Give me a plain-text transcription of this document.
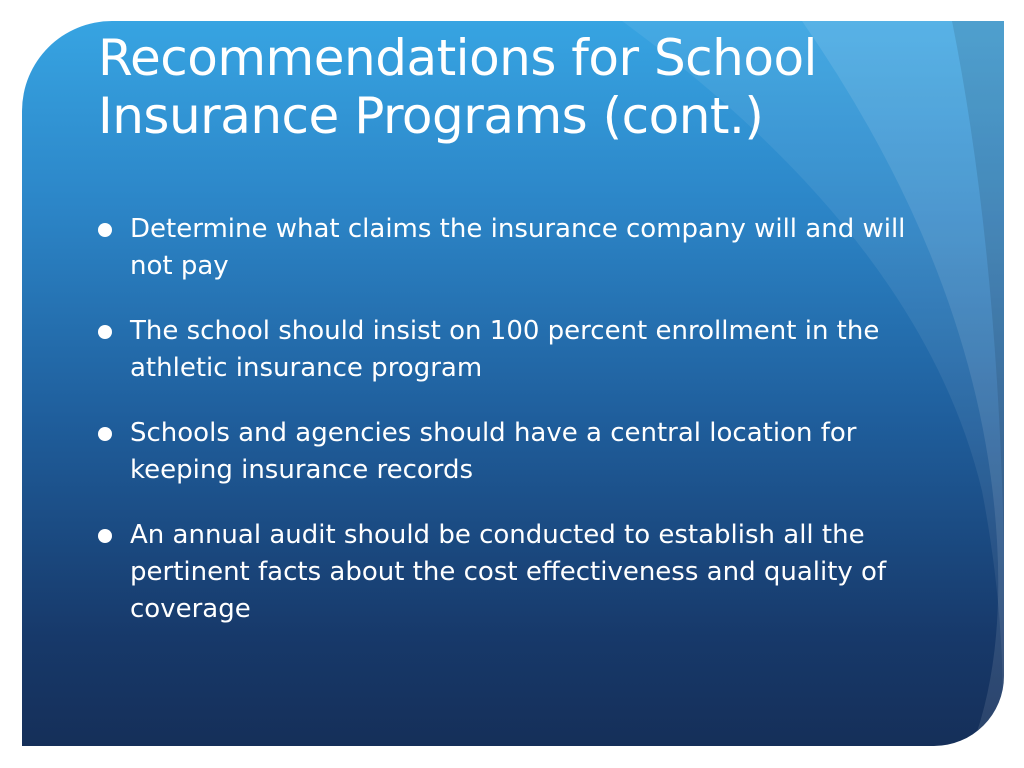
Recommendations for School Insurance Programs (cont.)
Determine what claims the insurance company will and will not pay
The school should insist on 100 percent enrollment in the athletic insurance program
Schools and agencies should have a central location for keeping insurance records
An annual audit should be conducted to establish all the pertinent facts about the cost effectiveness and quality of coverage
